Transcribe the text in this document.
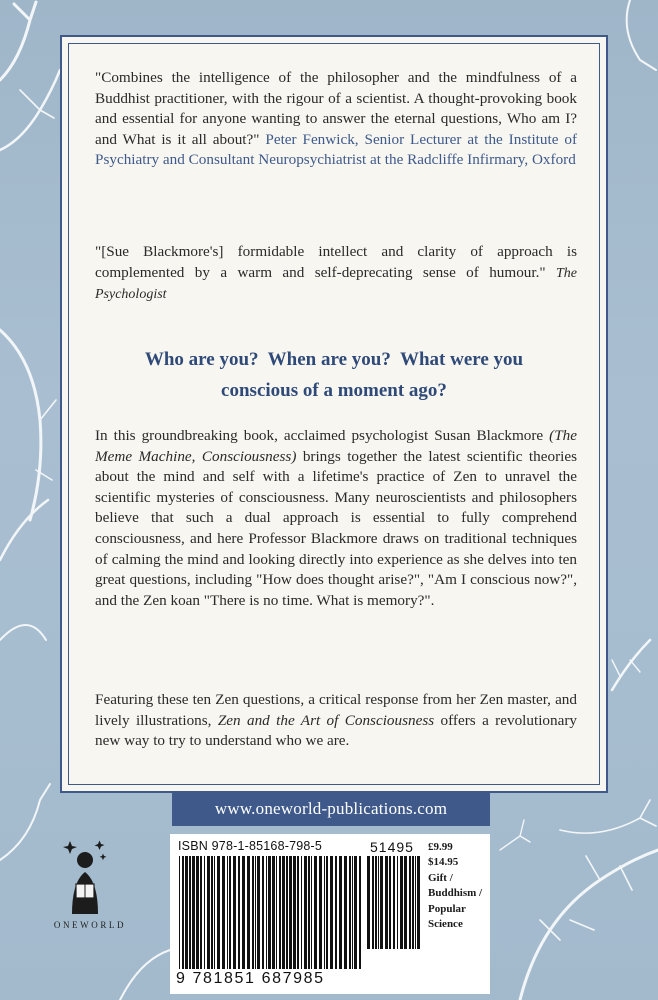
"Combines the intelligence of the philosopher and the mindfulness of a Buddhist practitioner, with the rigour of a scientist. A thought-provoking book and essential for anyone wanting to answer the eternal questions, Who am I? and What is it all about?" Peter Fenwick, Senior Lecturer at the Institute of Psychiatry and Consultant Neuropsychiatrist at the Radcliffe Infirmary, Oxford
"[Sue Blackmore's] formidable intellect and clarity of approach is complemented by a warm and self-deprecating sense of humour." The Psychologist
Who are you?  When are you?  What were you
conscious of a moment ago?
In this groundbreaking book, acclaimed psychologist Susan Blackmore (The Meme Machine, Consciousness) brings together the latest scientific theories about the mind and self with a lifetime's practice of Zen to unravel the scientific mysteries of consciousness. Many neuroscientists and philosophers believe that such a dual approach is essential to fully comprehend consciousness, and here Professor Blackmore draws on traditional techniques of calming the mind and looking directly into experience as she delves into ten great questions, including "How does thought arise?", "Am I conscious now?", and the Zen koan "There is no time. What is memory?".
Featuring these ten Zen questions, a critical response from her Zen master, and lively illustrations, Zen and the Art of Consciousness offers a revolutionary new way to try to understand who we are.
www.oneworld-publications.com
ISBN 978-1-85168-798-5	51495
9 781851 687985
£9.99
$14.95
Gift /
Buddhism /
Popular
Science
ONEWORLD
